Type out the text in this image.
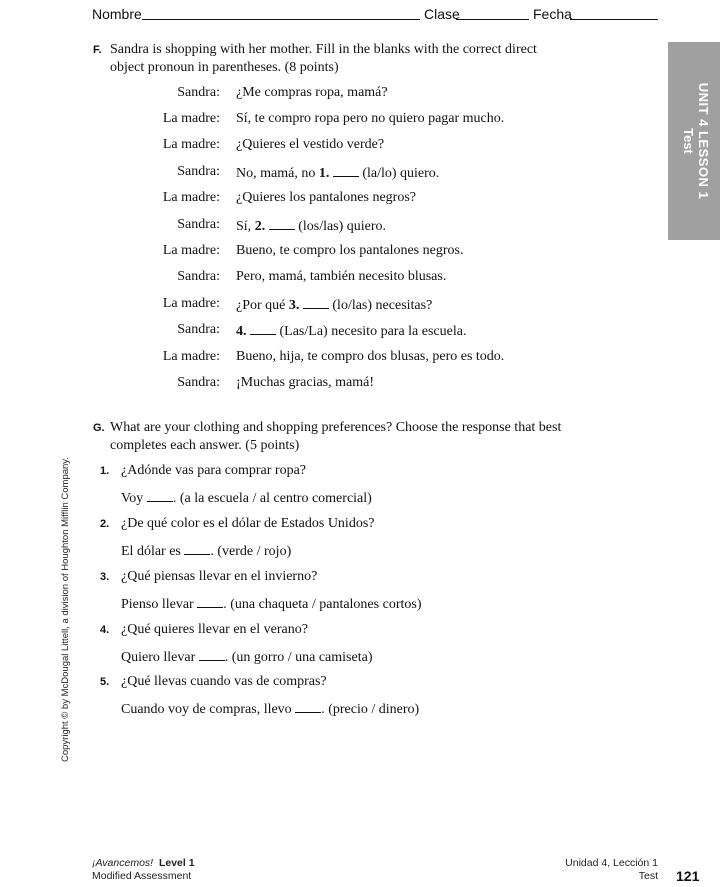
Nombre	Clase	Fecha
UNIT 4 LESSON 1
Test
F. Sandra is shopping with her mother. Fill in the blanks with the correct direct
object pronoun in parentheses. (8 points)
Sandra: ¿Me compras ropa, mamá?
La madre: Sí, te compro ropa pero no quiero pagar mucho.
La madre: ¿Quieres el vestido verde?
Sandra: No, mamá, no 1.  (la/lo) quiero.
La madre: ¿Quieres los pantalones negros?
Sandra: Sí, 2.  (los/las) quiero.
La madre: Bueno, te compro los pantalones negros.
Sandra: Pero, mamá, también necesito blusas.
La madre: ¿Por qué 3.  (lo/las) necesitas?
Sandra: 4.  (Las/La) necesito para la escuela.
La madre: Bueno, hija, te compro dos blusas, pero es todo.
Sandra: ¡Muchas gracias, mamá!
G. What are your clothing and shopping preferences? Choose the response that best
completes each answer. (5 points)
1. ¿Adónde vas para comprar ropa?
Voy . (a la escuela / al centro comercial)
2. ¿De qué color es el dólar de Estados Unidos?
El dólar es . (verde / rojo)
3. ¿Qué piensas llevar en el invierno?
Pienso llevar . (una chaqueta / pantalones cortos)
4. ¿Qué quieres llevar en el verano?
Quiero llevar . (un gorro / una camiseta)
5. ¿Qué llevas cuando vas de compras?
Cuando voy de compras, llevo . (precio / dinero)
Copyright © by McDougal Littell, a division of Houghton Mifflin Company.
¡Avancemos! Level 1
Modified Assessment
Unidad 4, Lección 1
Test 121
